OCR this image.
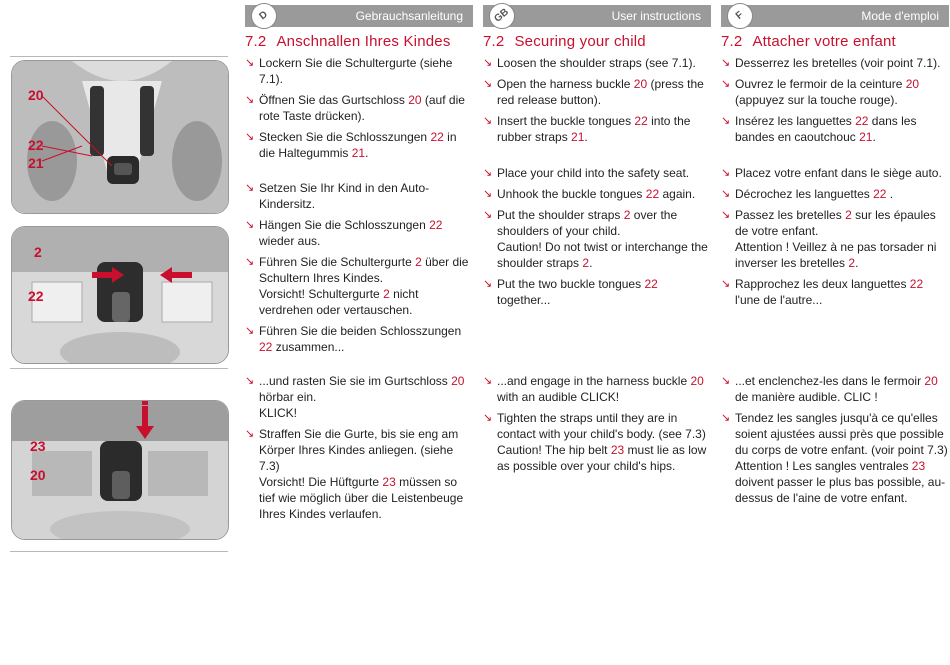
20
22
21
2
22
23
20
D	Gebrauchsanleitung
7.2 Anschnallen Ihres Kindes
↘ Lockern Sie die Schultergurte (siehe 7.1).
↘ Öffnen Sie das Gurtschloss 20 (auf die rote Taste drücken).
↘ Stecken Sie die Schlosszungen 22 in die Haltegummis 21.
↘ Setzen Sie Ihr Kind in den Auto-Kindersitz.
↘ Hängen Sie die Schlosszungen 22 wieder aus.
↘ Führen Sie die Schultergurte 2 über die Schultern Ihres Kindes.
Vorsicht! Schultergurte 2 nicht verdrehen oder vertauschen.
↘ Führen Sie die beiden Schlosszungen 22 zusammen...
↘ ...und rasten Sie sie im Gurtschloss 20 hörbar ein.
KLICK!
↘ Straffen Sie die Gurte, bis sie eng am Körper Ihres Kindes anliegen. (siehe 7.3)
Vorsicht! Die Hüftgurte 23 müssen so tief wie möglich über die Leistenbeuge Ihres Kindes verlaufen.
GB	User instructions
7.2 Securing your child
↘ Loosen the shoulder straps (see 7.1).
↘ Open the harness buckle 20 (press the red release button).
↘ Insert the buckle tongues 22 into the rubber straps 21.
↘ Place your child into the safety seat.
↘ Unhook the buckle tongues 22 again.
↘ Put the shoulder straps 2 over the shoulders of your child.
Caution! Do not twist or interchange the shoulder straps 2.
↘ Put the two buckle tongues 22 together...
↘ ...and engage in the harness buckle 20 with an audible CLICK!
↘ Tighten the straps until they are in contact with your child's body. (see 7.3)
Caution! The hip belt 23 must lie as low as possible over your child's hips.
F	Mode d'emploi
7.2 Attacher votre enfant
↘ Desserrez les bretelles (voir point 7.1).
↘ Ouvrez le fermoir de la ceinture 20 (appuyez sur la touche rouge).
↘ Insérez les languettes 22 dans les bandes en caoutchouc 21.
↘ Placez votre enfant dans le siège auto.
↘ Décrochez les languettes 22 .
↘ Passez les bretelles 2 sur les épaules de votre enfant.
Attention ! Veillez à ne pas torsader ni inverser les bretelles 2.
↘ Rapprochez les deux languettes 22 l'une de l'autre...
↘ ...et enclenchez-les dans le fermoir 20 de manière audible. CLIC !
↘ Tendez les sangles jusqu'à ce qu'elles soient ajustées aussi près que possible du corps de votre enfant. (voir point 7.3)
Attention ! Les sangles ventrales 23 doivent passer le plus bas possible, au-dessus de l'aine de votre enfant.
